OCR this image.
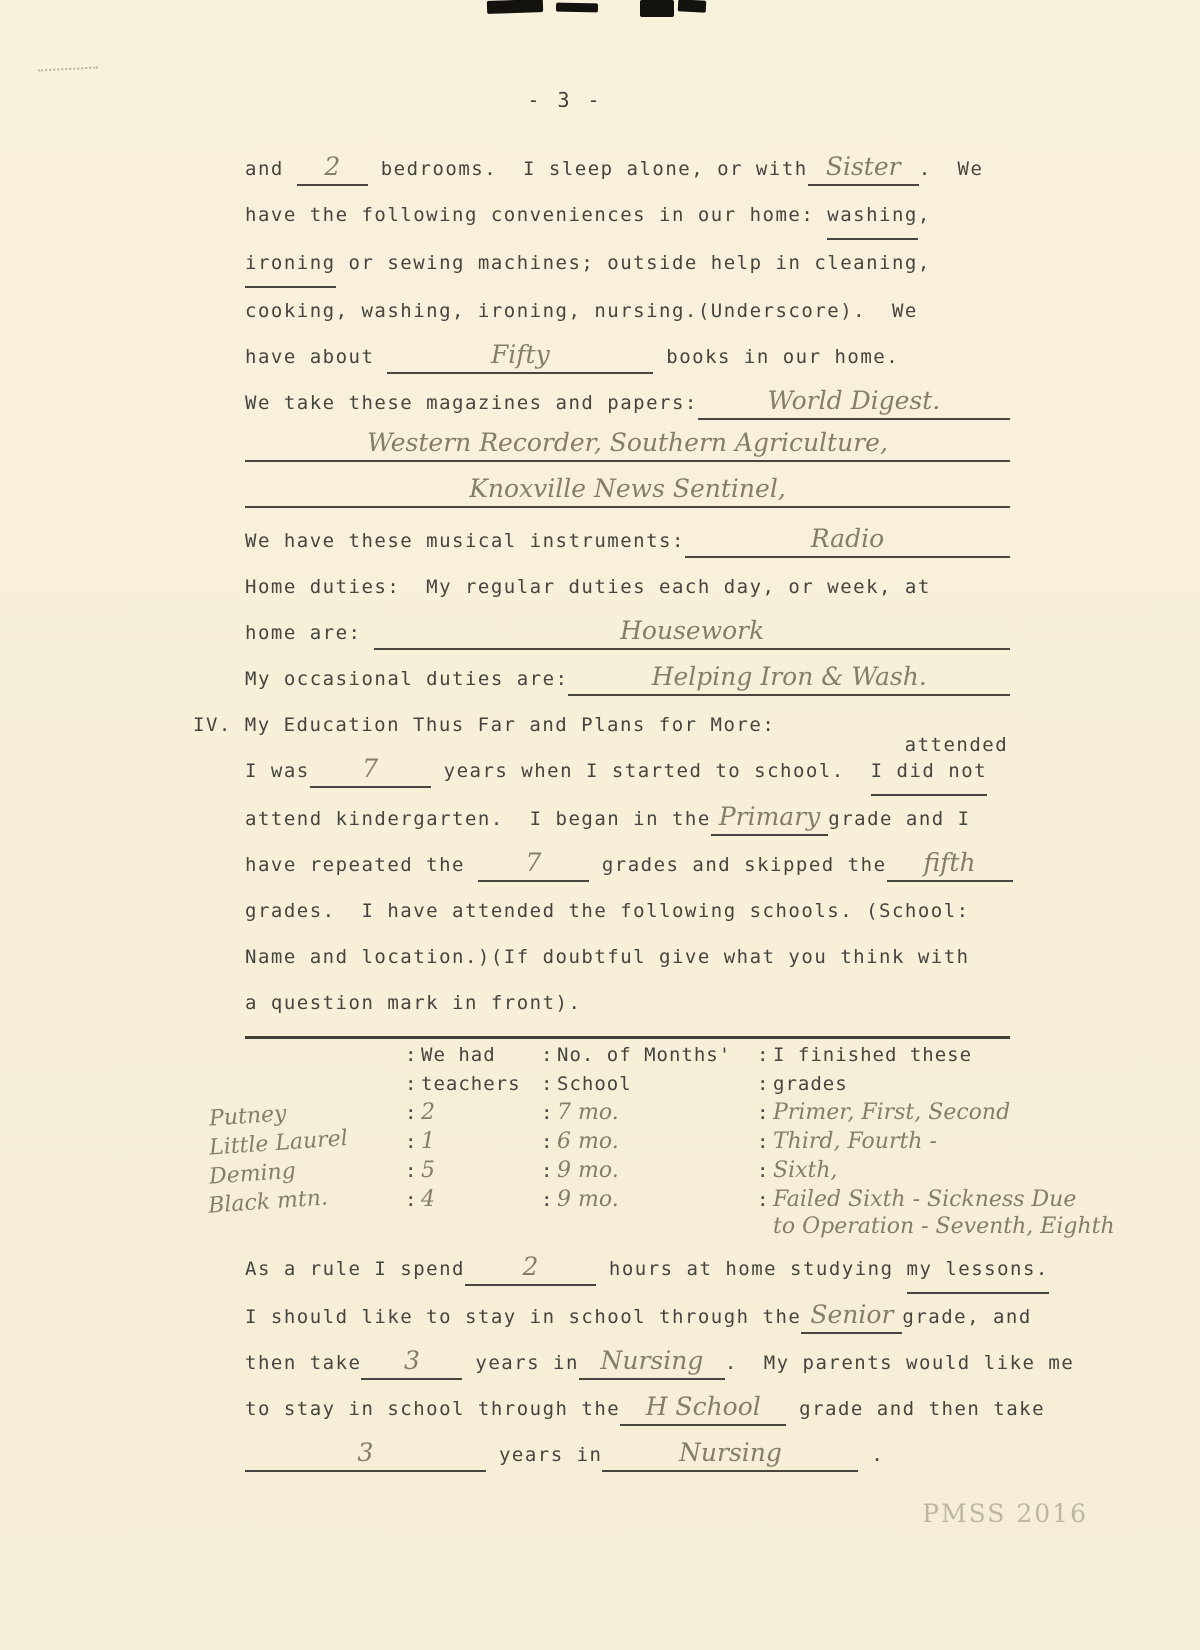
- 3 -
and	2	bedrooms.  I sleep alone, or with Sister .  We
have the following conveniences in our home: washing ,
ironing or sewing machines; outside help in cleaning,
cooking, washing, ironing, nursing.(Underscore).  We
have about	Fifty	books in our home.
We take these magazines and papers:	World Digest.
Western Recorder, Southern Agriculture,
Knoxville News Sentinel,
We have these musical instruments:	Radio
Home duties:  My regular duties each day, or week, at
home are:	Housework
My occasional duties are:	Helping Iron & Wash.
IV. My Education Thus Far and Plans for More:
I was	7	years when I started to school. I did not
attended
attend kindergarten.  I began in the Primary grade and I
have repeated the	7	grades and skipped the	fifth
grades.  I have attended the following schools. (School:
Name and location.)(If doubtful give what you think with
a question mark in front).
: We had	: No. of Months'	: I finished these
: teachers	: School	: grades
Putney	: 2	: 7 mo.	: Primer, First, Second
Little Laurel	: 1	: 6 mo.	: Third, Fourth -
Deming	: 5	: 9 mo.	: Sixth,
Black mtn.	: 4	: 9 mo.	: Failed Sixth - Sickness Due
to Operation - Seventh, Eighth
As a rule I spend	2	hours at home studying my lessons.
I should like to stay in school through the Senior grade, and
then take	3	years in Nursing	.  My parents would like me
to stay in school through the	H School	grade and then take
3	years in	Nursing	.
PMSS 2016
